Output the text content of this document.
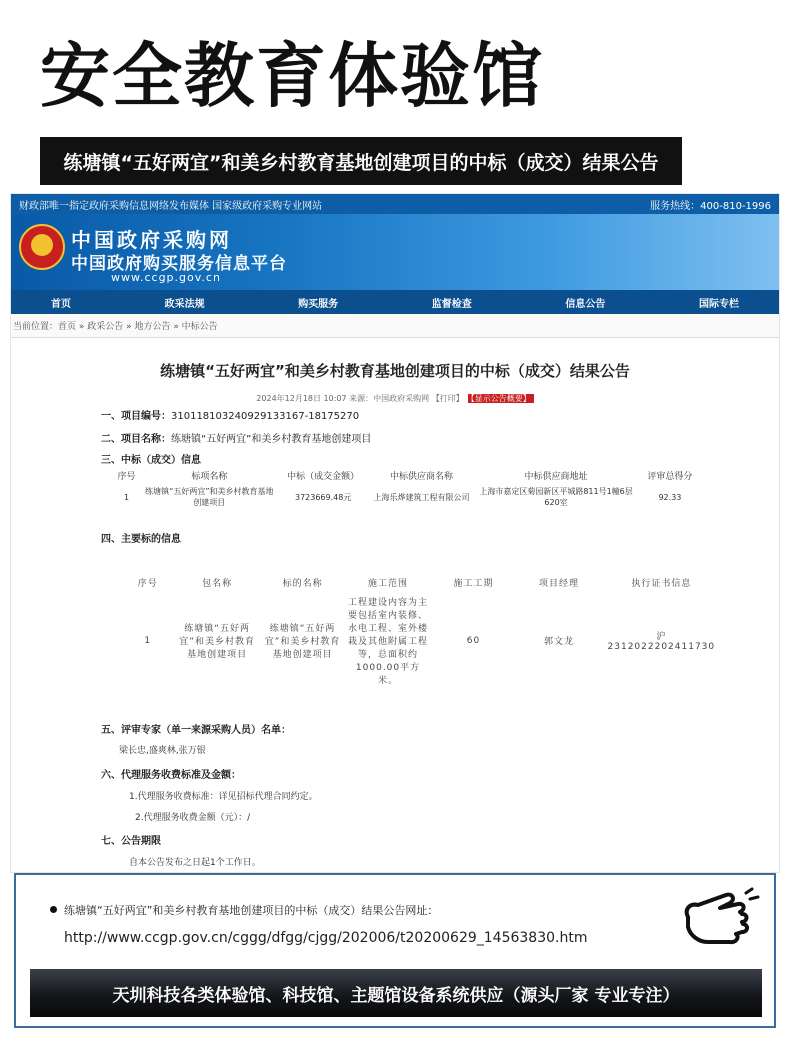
安全教育体验馆
练塘镇“五好两宜”和美乡村教育基地创建项目的中标（成交）结果公告
财政部唯一指定政府采购信息网络发布媒体 国家级政府采购专业网站	服务热线：400-810-1996
中国政府采购网
中国政府购买服务信息平台
www.ccgp.gov.cn
首页	政采法规	购买服务	监督检查	信息公告	国际专栏
当前位置：首页 » 政采公告 » 地方公告 » 中标公告
练塘镇“五好两宜”和美乡村教育基地创建项目的中标（成交）结果公告
2024年12月18日 10:07 来源：中国政府采购网 【打印】 【显示公告概要】
一、项目编号：31011810324092913316​7-18175270
二、项目名称：练塘镇“五好两宜”和美乡村教育基地创建项目
三、中标（成交）信息
序号	标项名称	中标（成交金额）	中标供应商名称	中标供应商地址	评审总得分
1	练塘镇“五好两宜”和美乡村教育基地创建项目	3723669.48元	上海乐烨建筑工程有限公司	上海市嘉定区菊园新区平城路811号1幢6层620室	92.33
四、主要标的信息
序号	包名称	标的名称	施工范围	施工工期	项目经理	执行证书信息
1	练塘镇“五好两宜”和美乡村教育基地创建项目	练塘镇“五好两宜”和美乡村教育基地创建项目	工程建设内容为主要包括室内装修、水电工程、室外楼栽及其他附属工程等，总面积约1000.00平方米。	60	郭文龙	沪2312022202411730
五、评审专家（单一来源采购人员）名单：
梁长忠,盛爽林,张万银
六、代理服务收费标准及金额：
1.代理服务收费标准：详见招标代理合同约定。
2.代理服务收费金额（元）：/
七、公告期限
自本公告发布之日起1个工作日。
练塘镇“五好两宜”和美乡村教育基地创建项目的中标（成交）结果公告网址：
http://www.ccgp.gov.cn/cggg/dfgg/cjgg/202006/t20200629_14563830.htm
天圳科技各类体验馆、科技馆、主题馆设备系统供应（源头厂家 专业专注）
